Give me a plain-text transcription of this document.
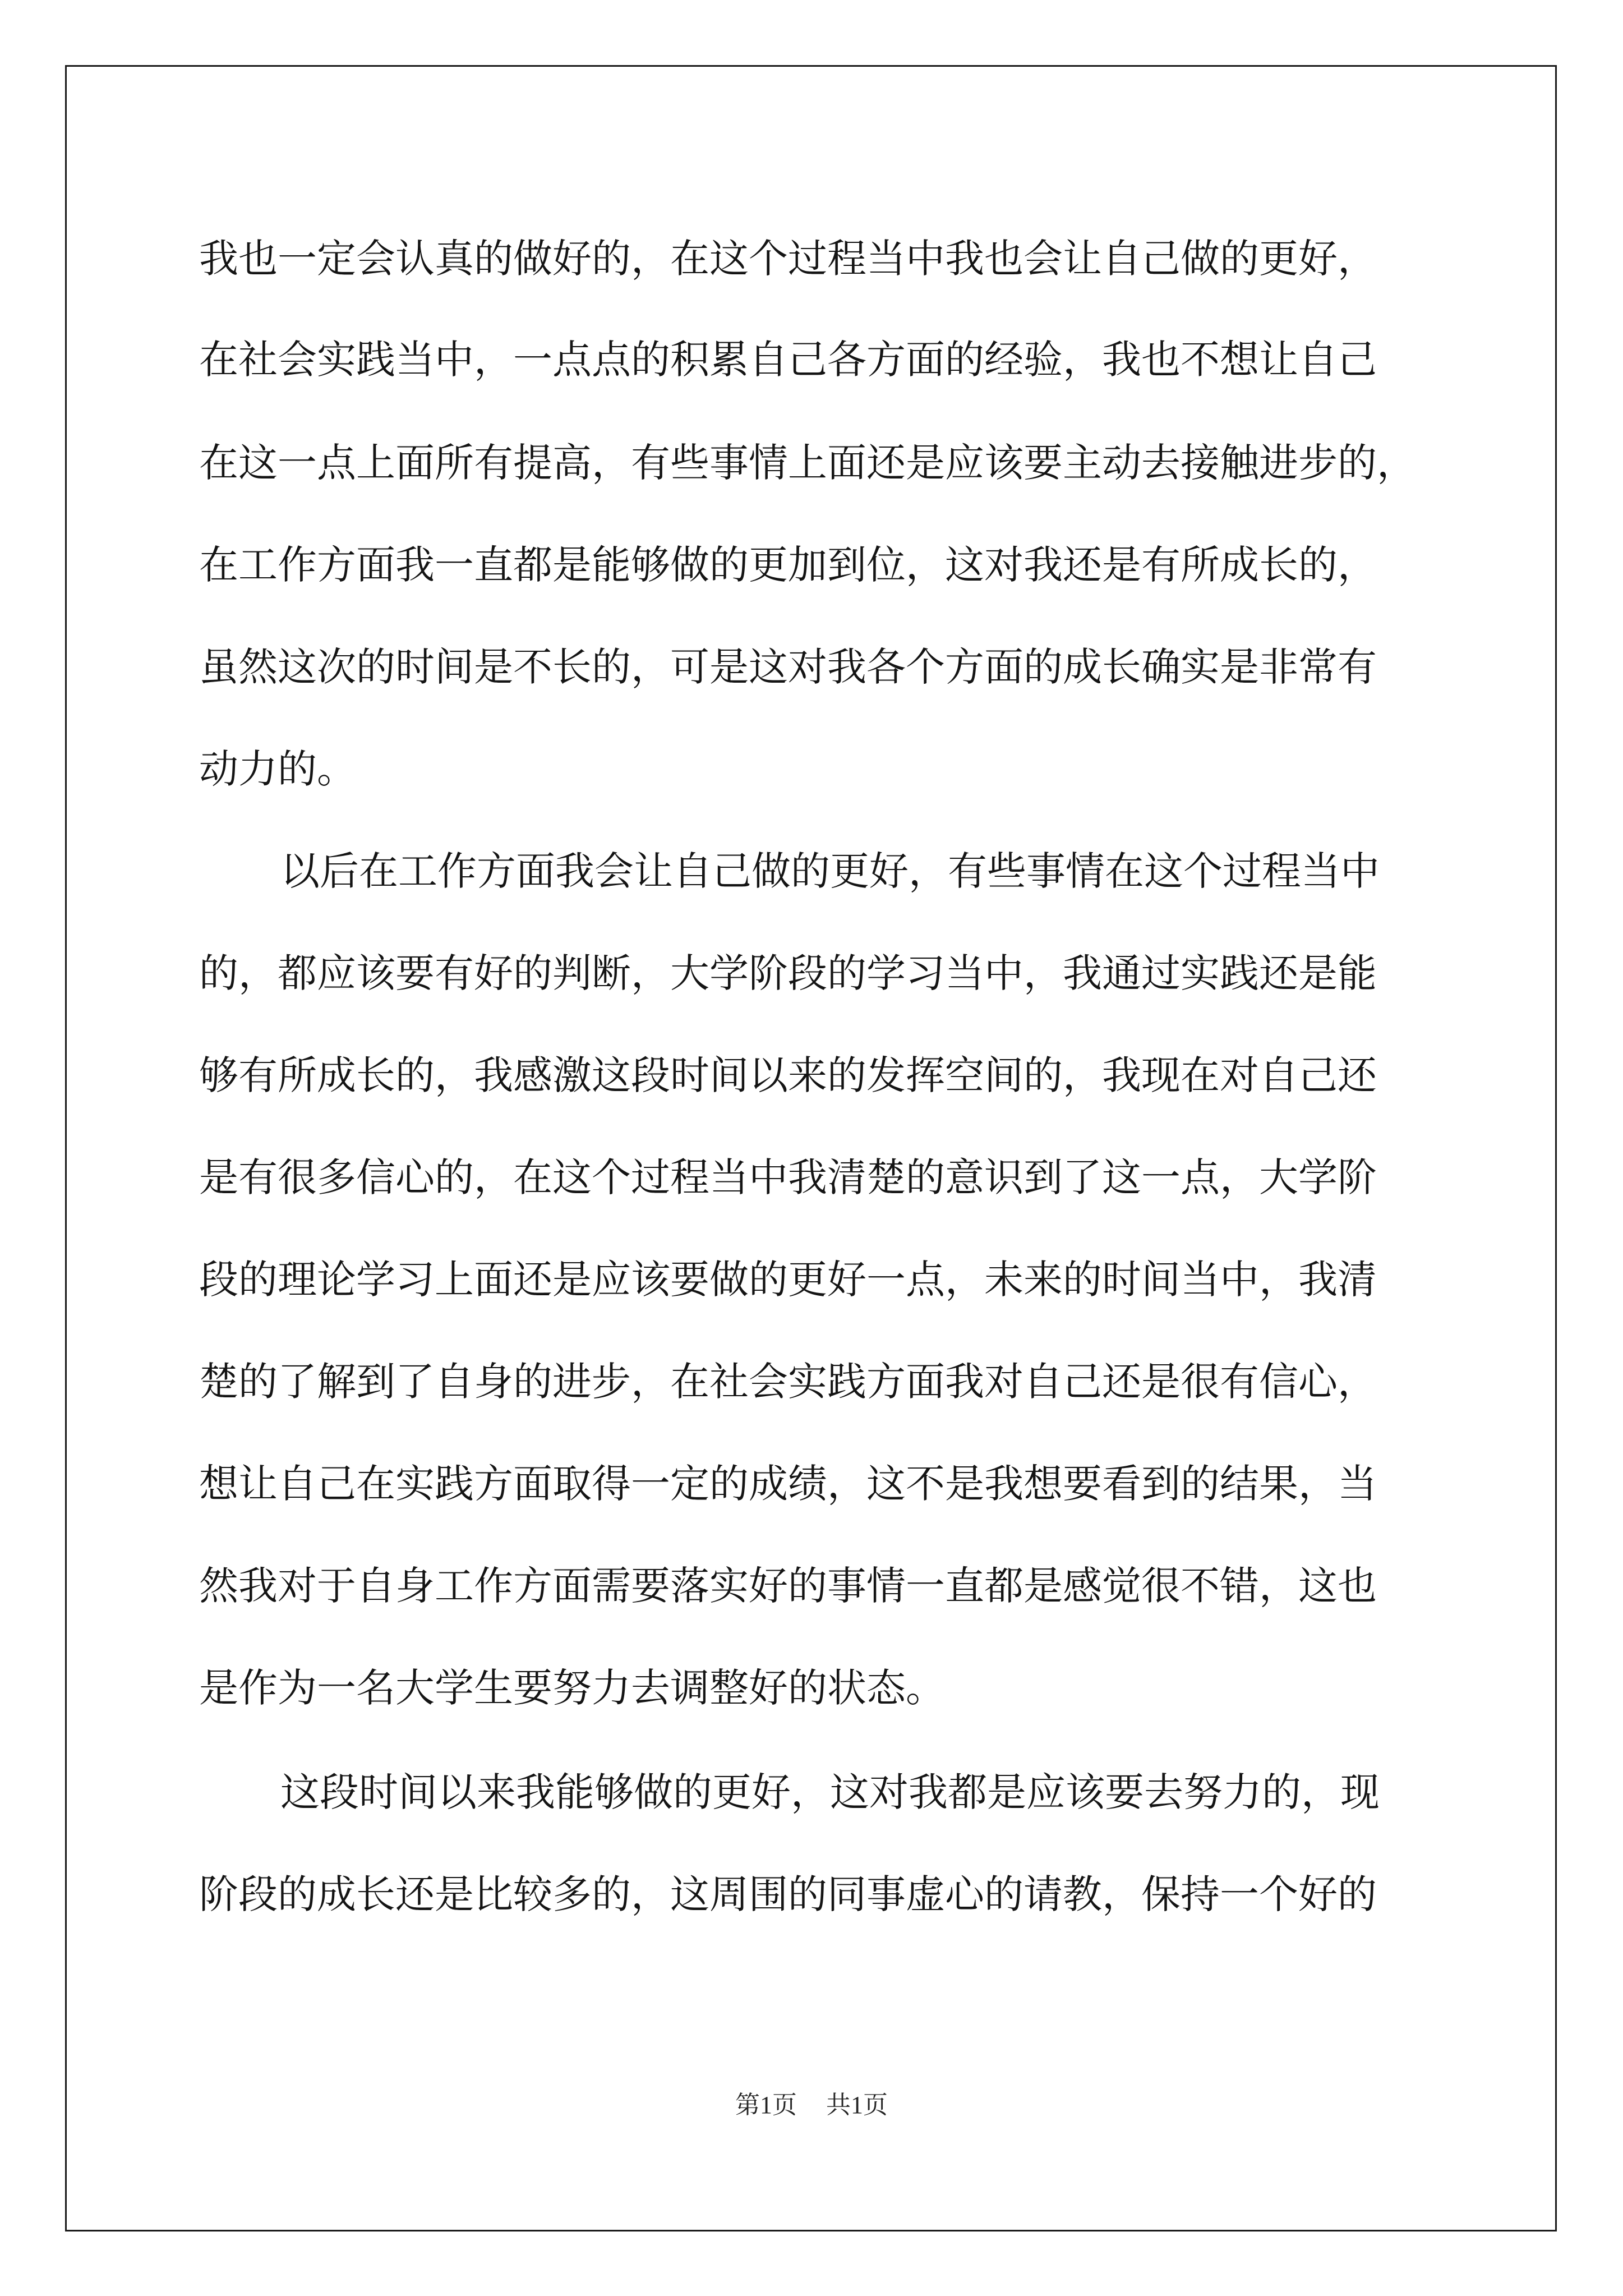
我也一定会认真的做好的，在这个过程当中我也会让自己做的更好，
在社会实践当中，一点点的积累自己各方面的经验，我也不想让自己
在这一点上面所有提高，有些事情上面还是应该要主动去接触进步的，
在工作方面我一直都是能够做的更加到位，这对我还是有所成长的，
虽然这次的时间是不长的，可是这对我各个方面的成长确实是非常有
动力的。
以后在工作方面我会让自己做的更好，有些事情在这个过程当中
的，都应该要有好的判断，大学阶段的学习当中，我通过实践还是能
够有所成长的，我感激这段时间以来的发挥空间的，我现在对自己还
是有很多信心的，在这个过程当中我清楚的意识到了这一点，大学阶
段的理论学习上面还是应该要做的更好一点，未来的时间当中，我清
楚的了解到了自身的进步，在社会实践方面我对自己还是很有信心，
想让自己在实践方面取得一定的成绩，这不是我想要看到的结果，当
然我对于自身工作方面需要落实好的事情一直都是感觉很不错，这也
是作为一名大学生要努力去调整好的状态。
这段时间以来我能够做的更好，这对我都是应该要去努力的，现
阶段的成长还是比较多的，这周围的同事虚心的请教，保持一个好的
第1页 共1页
